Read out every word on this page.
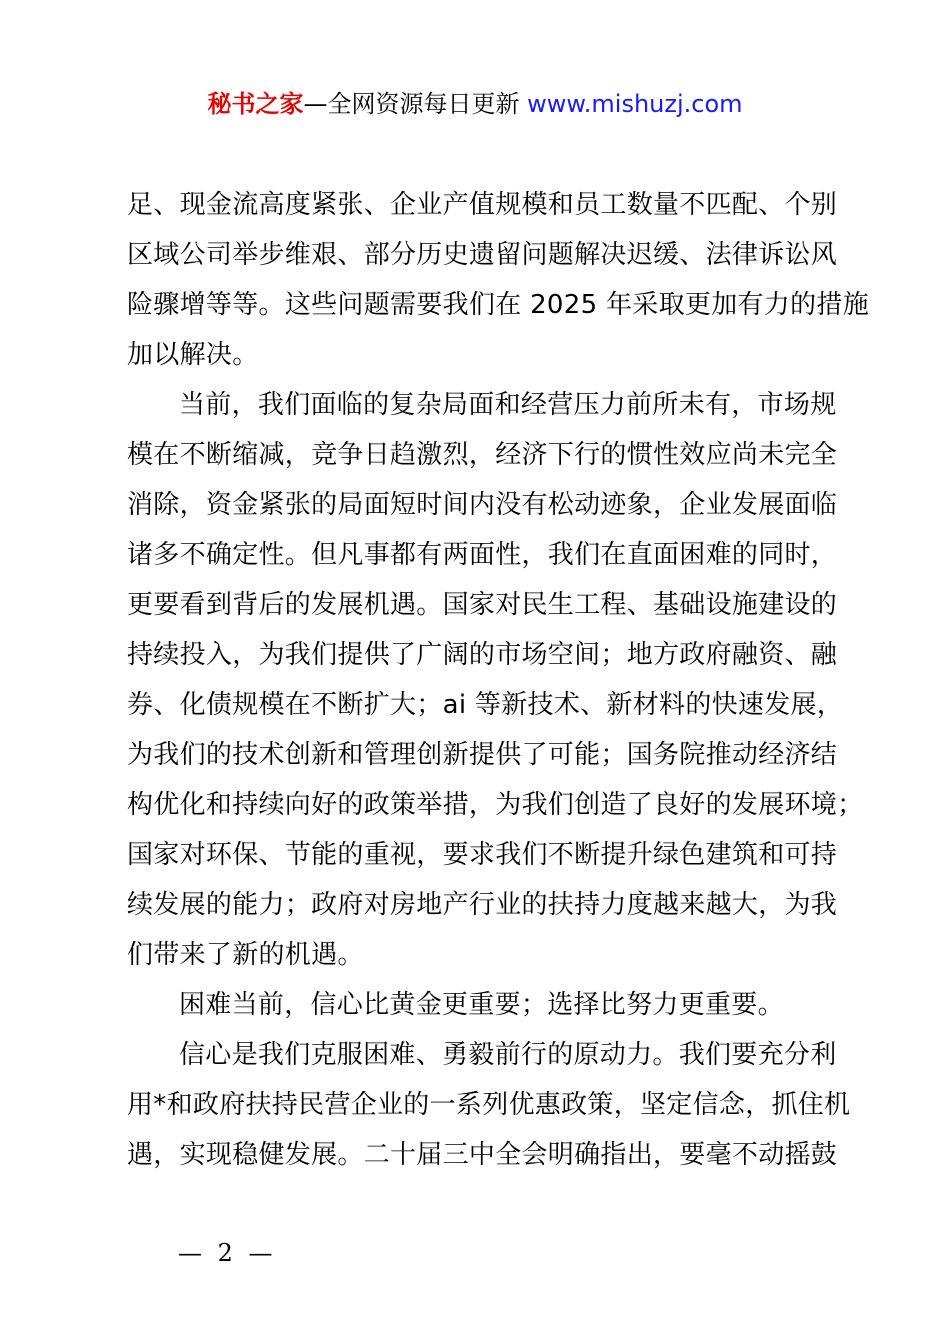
秘书之家—全网资源每日更新 www.mishuzj.com
足、现金流高度紧张、企业产值规模和员工数量不匹配、个别
区域公司举步维艰、部分历史遗留问题解决迟缓、法律诉讼风
险骤增等等。这些问题需要我们在 2025 年采取更加有力的措施
加以解决。
当前，我们面临的复杂局面和经营压力前所未有，市场规
模在不断缩减，竞争日趋激烈，经济下行的惯性效应尚未完全
消除，资金紧张的局面短时间内没有松动迹象，企业发展面临
诸多不确定性。但凡事都有两面性，我们在直面困难的同时，
更要看到背后的发展机遇。国家对民生工程、基础设施建设的
持续投入，为我们提供了广阔的市场空间；地方政府融资、融
券、化债规模在不断扩大；ai 等新技术、新材料的快速发展，
为我们的技术创新和管理创新提供了可能；国务院推动经济结
构优化和持续向好的政策举措，为我们创造了良好的发展环境；
国家对环保、节能的重视，要求我们不断提升绿色建筑和可持
续发展的能力；政府对房地产行业的扶持力度越来越大，为我
们带来了新的机遇。
困难当前，信心比黄金更重要；选择比努力更重要。
信心是我们克服困难、勇毅前行的原动力。我们要充分利
用*和政府扶持民营企业的一系列优惠政策，坚定信念，抓住机
遇，实现稳健发展。二十届三中全会明确指出，要毫不动摇鼓
— 2 —
